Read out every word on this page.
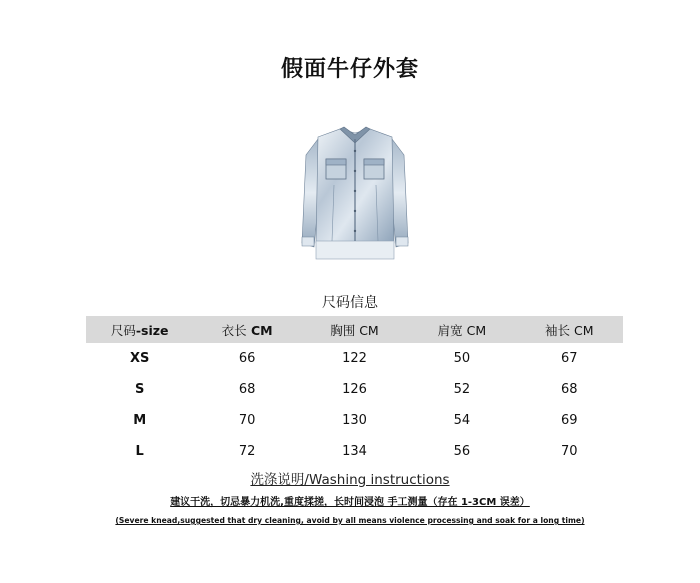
假面牛仔外套
尺码信息
尺码-size	衣长 CM	胸围 CM	肩宽 CM	袖长 CM
XS	66	122	50	67
S	68	126	52	68
M	70	130	54	69
L	72	134	56	70
洗涤说明/Washing instructions
建议干洗，切忌暴力机洗,重度揉搓，长时间浸泡 手工测量（存在 1-3CM 误差）
(Severe knead,suggested that dry cleaning, avoid by all means violence processing and soak for a long time)
